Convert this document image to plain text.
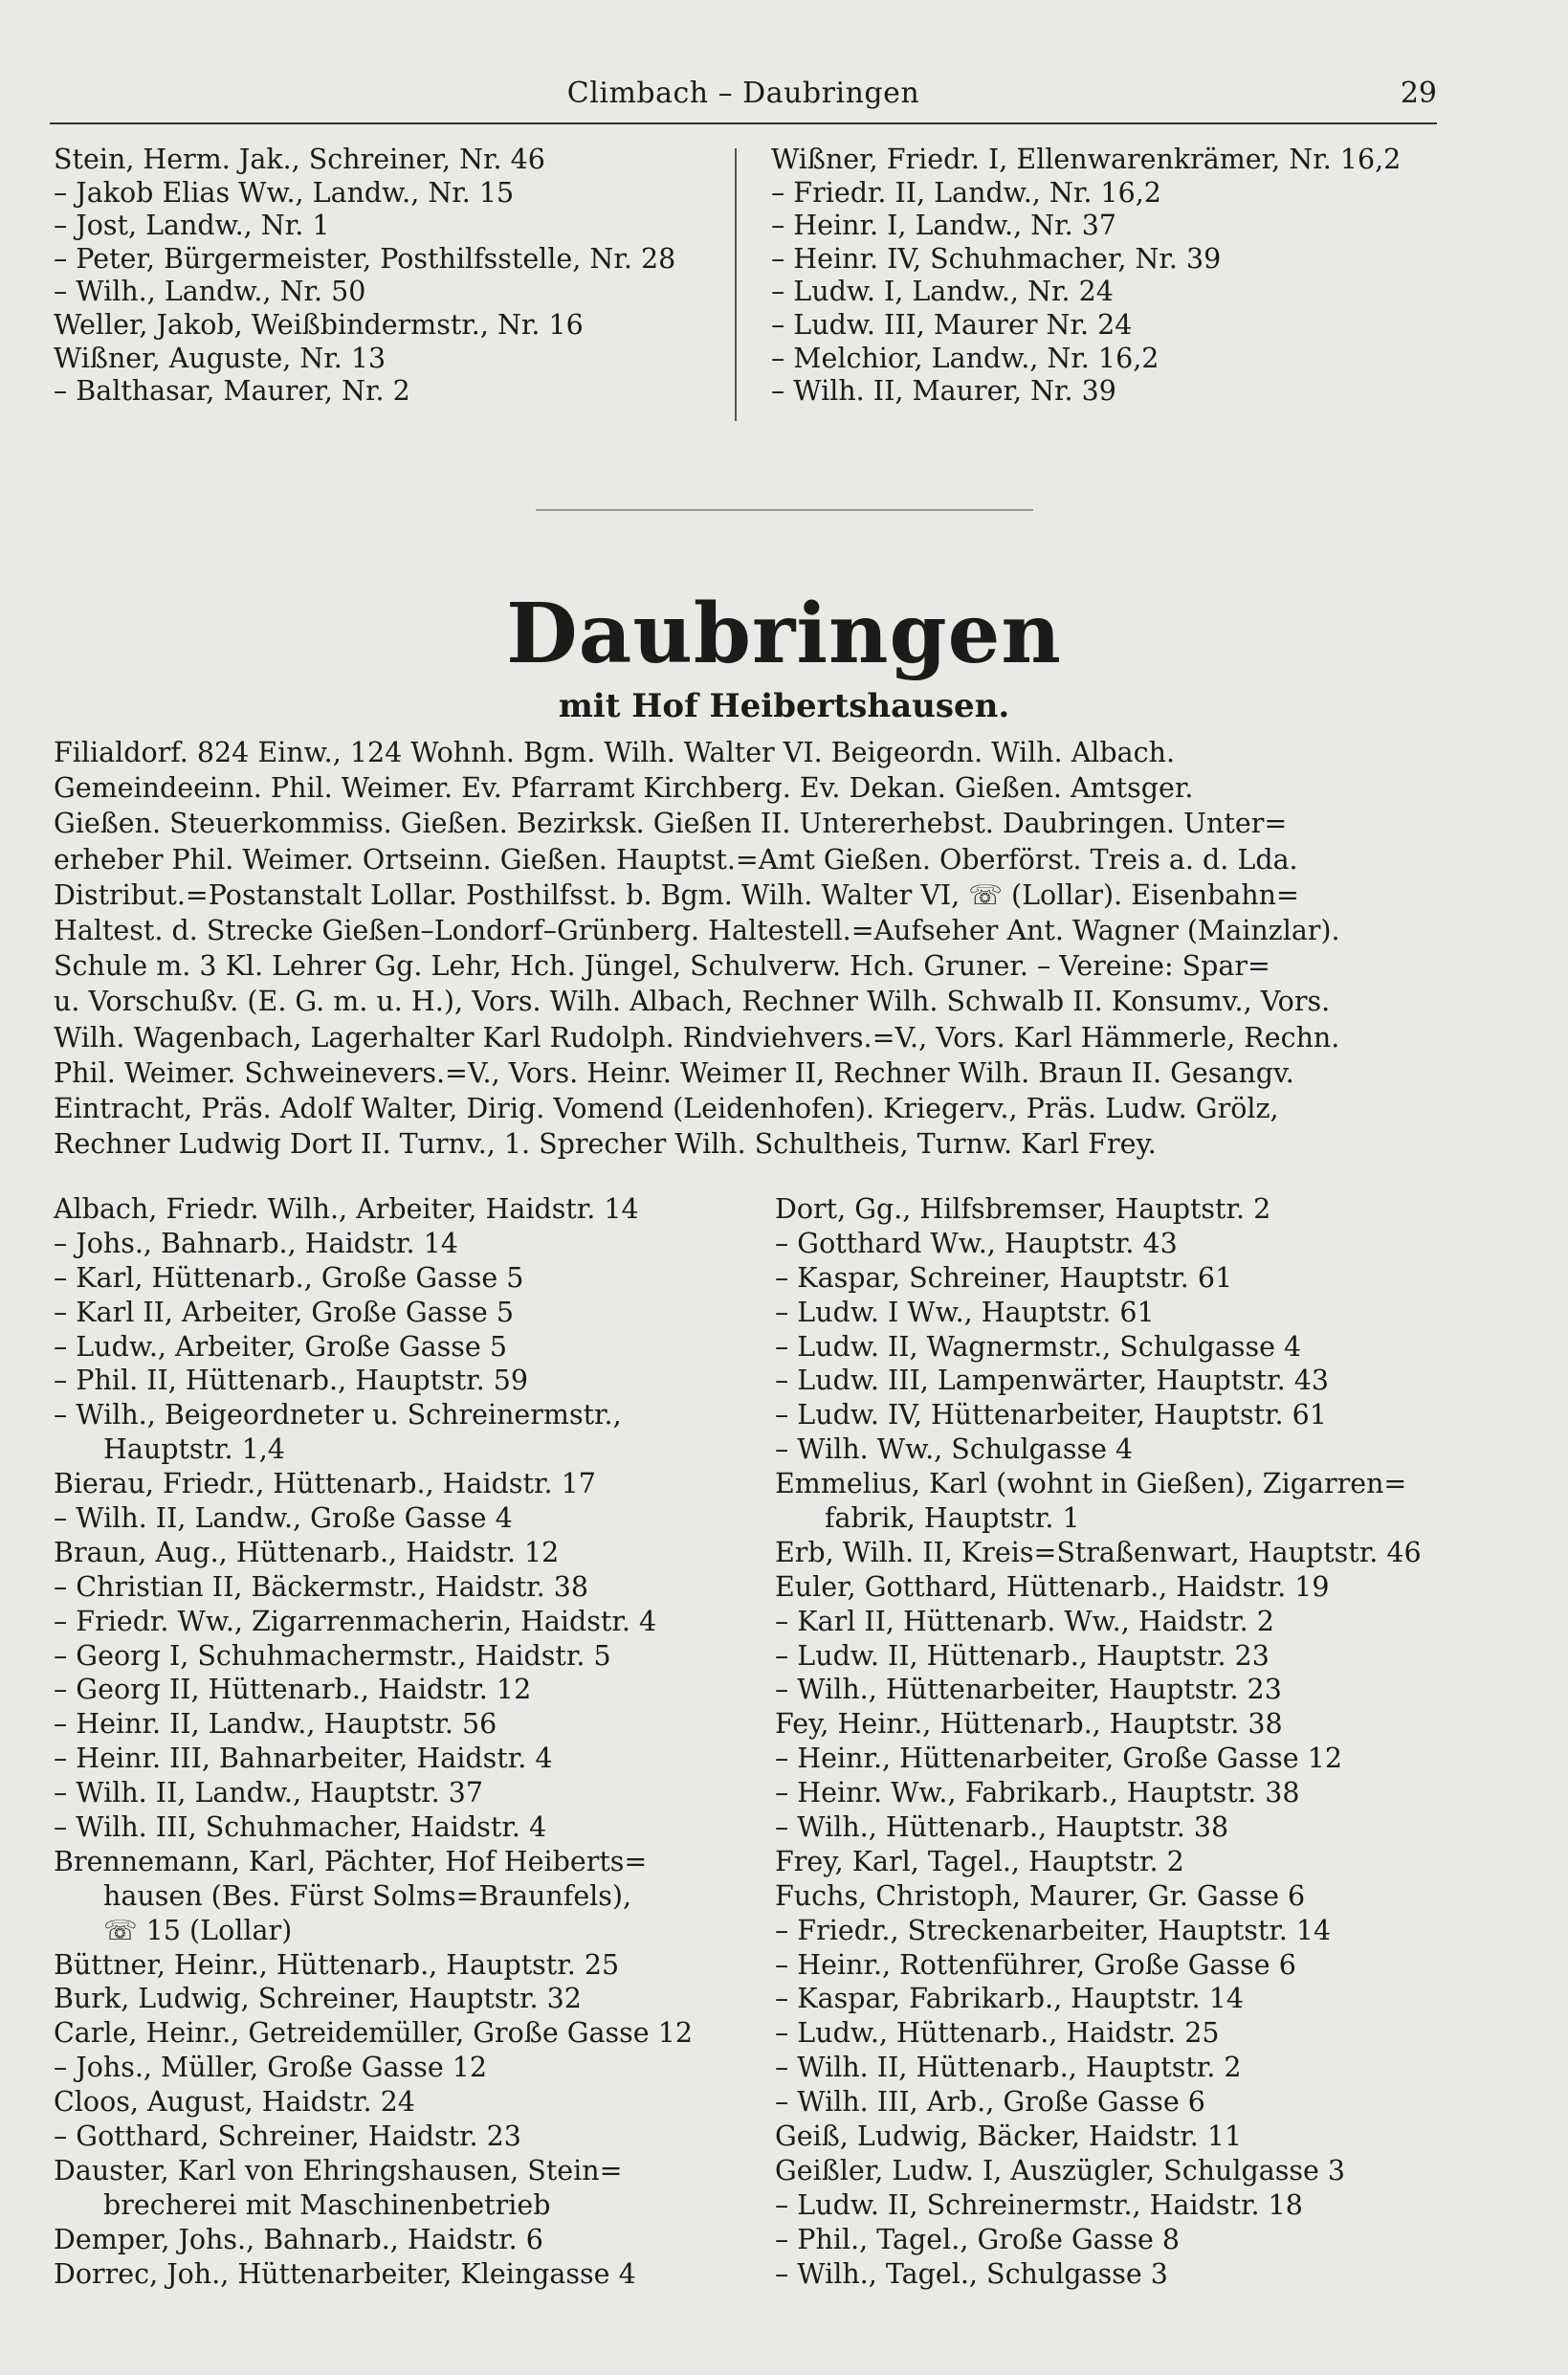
Climbach – Daubringen	29
Stein, Herm. Jak., Schreiner, Nr. 46
– Jakob Elias Ww., Landw., Nr. 15
– Jost, Landw., Nr. 1
– Peter, Bürgermeister, Posthilfsstelle, Nr. 28
– Wilh., Landw., Nr. 50
Weller, Jakob, Weißbindermstr., Nr. 16
Wißner, Auguste, Nr. 13
– Balthasar, Maurer, Nr. 2
Wißner, Friedr. I, Ellenwarenkrämer, Nr. 16,2
– Friedr. II, Landw., Nr. 16,2
– Heinr. I, Landw., Nr. 37
– Heinr. IV, Schuhmacher, Nr. 39
– Ludw. I, Landw., Nr. 24
– Ludw. III, Maurer Nr. 24
– Melchior, Landw., Nr. 16,2
– Wilh. II, Maurer, Nr. 39
Daubringen
mit Hof Heibertshausen.
Filialdorf. 824 Einw., 124 Wohnh. Bgm. Wilh. Walter VI. Beigeordn. Wilh. Albach.
Gemeindeeinn. Phil. Weimer. Ev. Pfarramt Kirchberg. Ev. Dekan. Gießen. Amtsger.
Gießen. Steuerkommiss. Gießen. Bezirksk. Gießen II. Untererhebst. Daubringen. Unter=
erheber Phil. Weimer. Ortseinn. Gießen. Hauptst.=Amt Gießen. Oberförst. Treis a. d. Lda.
Distribut.=Postanstalt Lollar. Posthilfsst. b. Bgm. Wilh. Walter VI, ☏ (Lollar). Eisenbahn=
Haltest. d. Strecke Gießen–Londorf–Grünberg. Haltestell.=Aufseher Ant. Wagner (Mainzlar).
Schule m. 3 Kl. Lehrer Gg. Lehr, Hch. Jüngel, Schulverw. Hch. Gruner. – Vereine: Spar=
u. Vorschußv. (E. G. m. u. H.), Vors. Wilh. Albach, Rechner Wilh. Schwalb II. Konsumv., Vors.
Wilh. Wagenbach, Lagerhalter Karl Rudolph. Rindviehvers.=V., Vors. Karl Hämmerle, Rechn.
Phil. Weimer. Schweinevers.=V., Vors. Heinr. Weimer II, Rechner Wilh. Braun II. Gesangv.
Eintracht, Präs. Adolf Walter, Dirig. Vomend (Leidenhofen). Kriegerv., Präs. Ludw. Grölz,
Rechner Ludwig Dort II. Turnv., 1. Sprecher Wilh. Schultheis, Turnw. Karl Frey.
Albach, Friedr. Wilh., Arbeiter, Haidstr. 14
– Johs., Bahnarb., Haidstr. 14
– Karl, Hüttenarb., Große Gasse 5
– Karl II, Arbeiter, Große Gasse 5
– Ludw., Arbeiter, Große Gasse 5
– Phil. II, Hüttenarb., Hauptstr. 59
– Wilh., Beigeordneter u. Schreinermstr.,
Hauptstr. 1,4
Bierau, Friedr., Hüttenarb., Haidstr. 17
– Wilh. II, Landw., Große Gasse 4
Braun, Aug., Hüttenarb., Haidstr. 12
– Christian II, Bäckermstr., Haidstr. 38
– Friedr. Ww., Zigarrenmacherin, Haidstr. 4
– Georg I, Schuhmachermstr., Haidstr. 5
– Georg II, Hüttenarb., Haidstr. 12
– Heinr. II, Landw., Hauptstr. 56
– Heinr. III, Bahnarbeiter, Haidstr. 4
– Wilh. II, Landw., Hauptstr. 37
– Wilh. III, Schuhmacher, Haidstr. 4
Brennemann, Karl, Pächter, Hof Heiberts=
hausen (Bes. Fürst Solms=Braunfels),
☏ 15 (Lollar)
Büttner, Heinr., Hüttenarb., Hauptstr. 25
Burk, Ludwig, Schreiner, Hauptstr. 32
Carle, Heinr., Getreidemüller, Große Gasse 12
– Johs., Müller, Große Gasse 12
Cloos, August, Haidstr. 24
– Gotthard, Schreiner, Haidstr. 23
Dauster, Karl von Ehringshausen, Stein=
brecherei mit Maschinenbetrieb
Demper, Johs., Bahnarb., Haidstr. 6
Dorrec, Joh., Hüttenarbeiter, Kleingasse 4
Dort, Gg., Hilfsbremser, Hauptstr. 2
– Gotthard Ww., Hauptstr. 43
– Kaspar, Schreiner, Hauptstr. 61
– Ludw. I Ww., Hauptstr. 61
– Ludw. II, Wagnermstr., Schulgasse 4
– Ludw. III, Lampenwärter, Hauptstr. 43
– Ludw. IV, Hüttenarbeiter, Hauptstr. 61
– Wilh. Ww., Schulgasse 4
Emmelius, Karl (wohnt in Gießen), Zigarren=
fabrik, Hauptstr. 1
Erb, Wilh. II, Kreis=Straßenwart, Hauptstr. 46
Euler, Gotthard, Hüttenarb., Haidstr. 19
– Karl II, Hüttenarb. Ww., Haidstr. 2
– Ludw. II, Hüttenarb., Hauptstr. 23
– Wilh., Hüttenarbeiter, Hauptstr. 23
Fey, Heinr., Hüttenarb., Hauptstr. 38
– Heinr., Hüttenarbeiter, Große Gasse 12
– Heinr. Ww., Fabrikarb., Hauptstr. 38
– Wilh., Hüttenarb., Hauptstr. 38
Frey, Karl, Tagel., Hauptstr. 2
Fuchs, Christoph, Maurer, Gr. Gasse 6
– Friedr., Streckenarbeiter, Hauptstr. 14
– Heinr., Rottenführer, Große Gasse 6
– Kaspar, Fabrikarb., Hauptstr. 14
– Ludw., Hüttenarb., Haidstr. 25
– Wilh. II, Hüttenarb., Hauptstr. 2
– Wilh. III, Arb., Große Gasse 6
Geiß, Ludwig, Bäcker, Haidstr. 11
Geißler, Ludw. I, Auszügler, Schulgasse 3
– Ludw. II, Schreinermstr., Haidstr. 18
– Phil., Tagel., Große Gasse 8
– Wilh., Tagel., Schulgasse 3
